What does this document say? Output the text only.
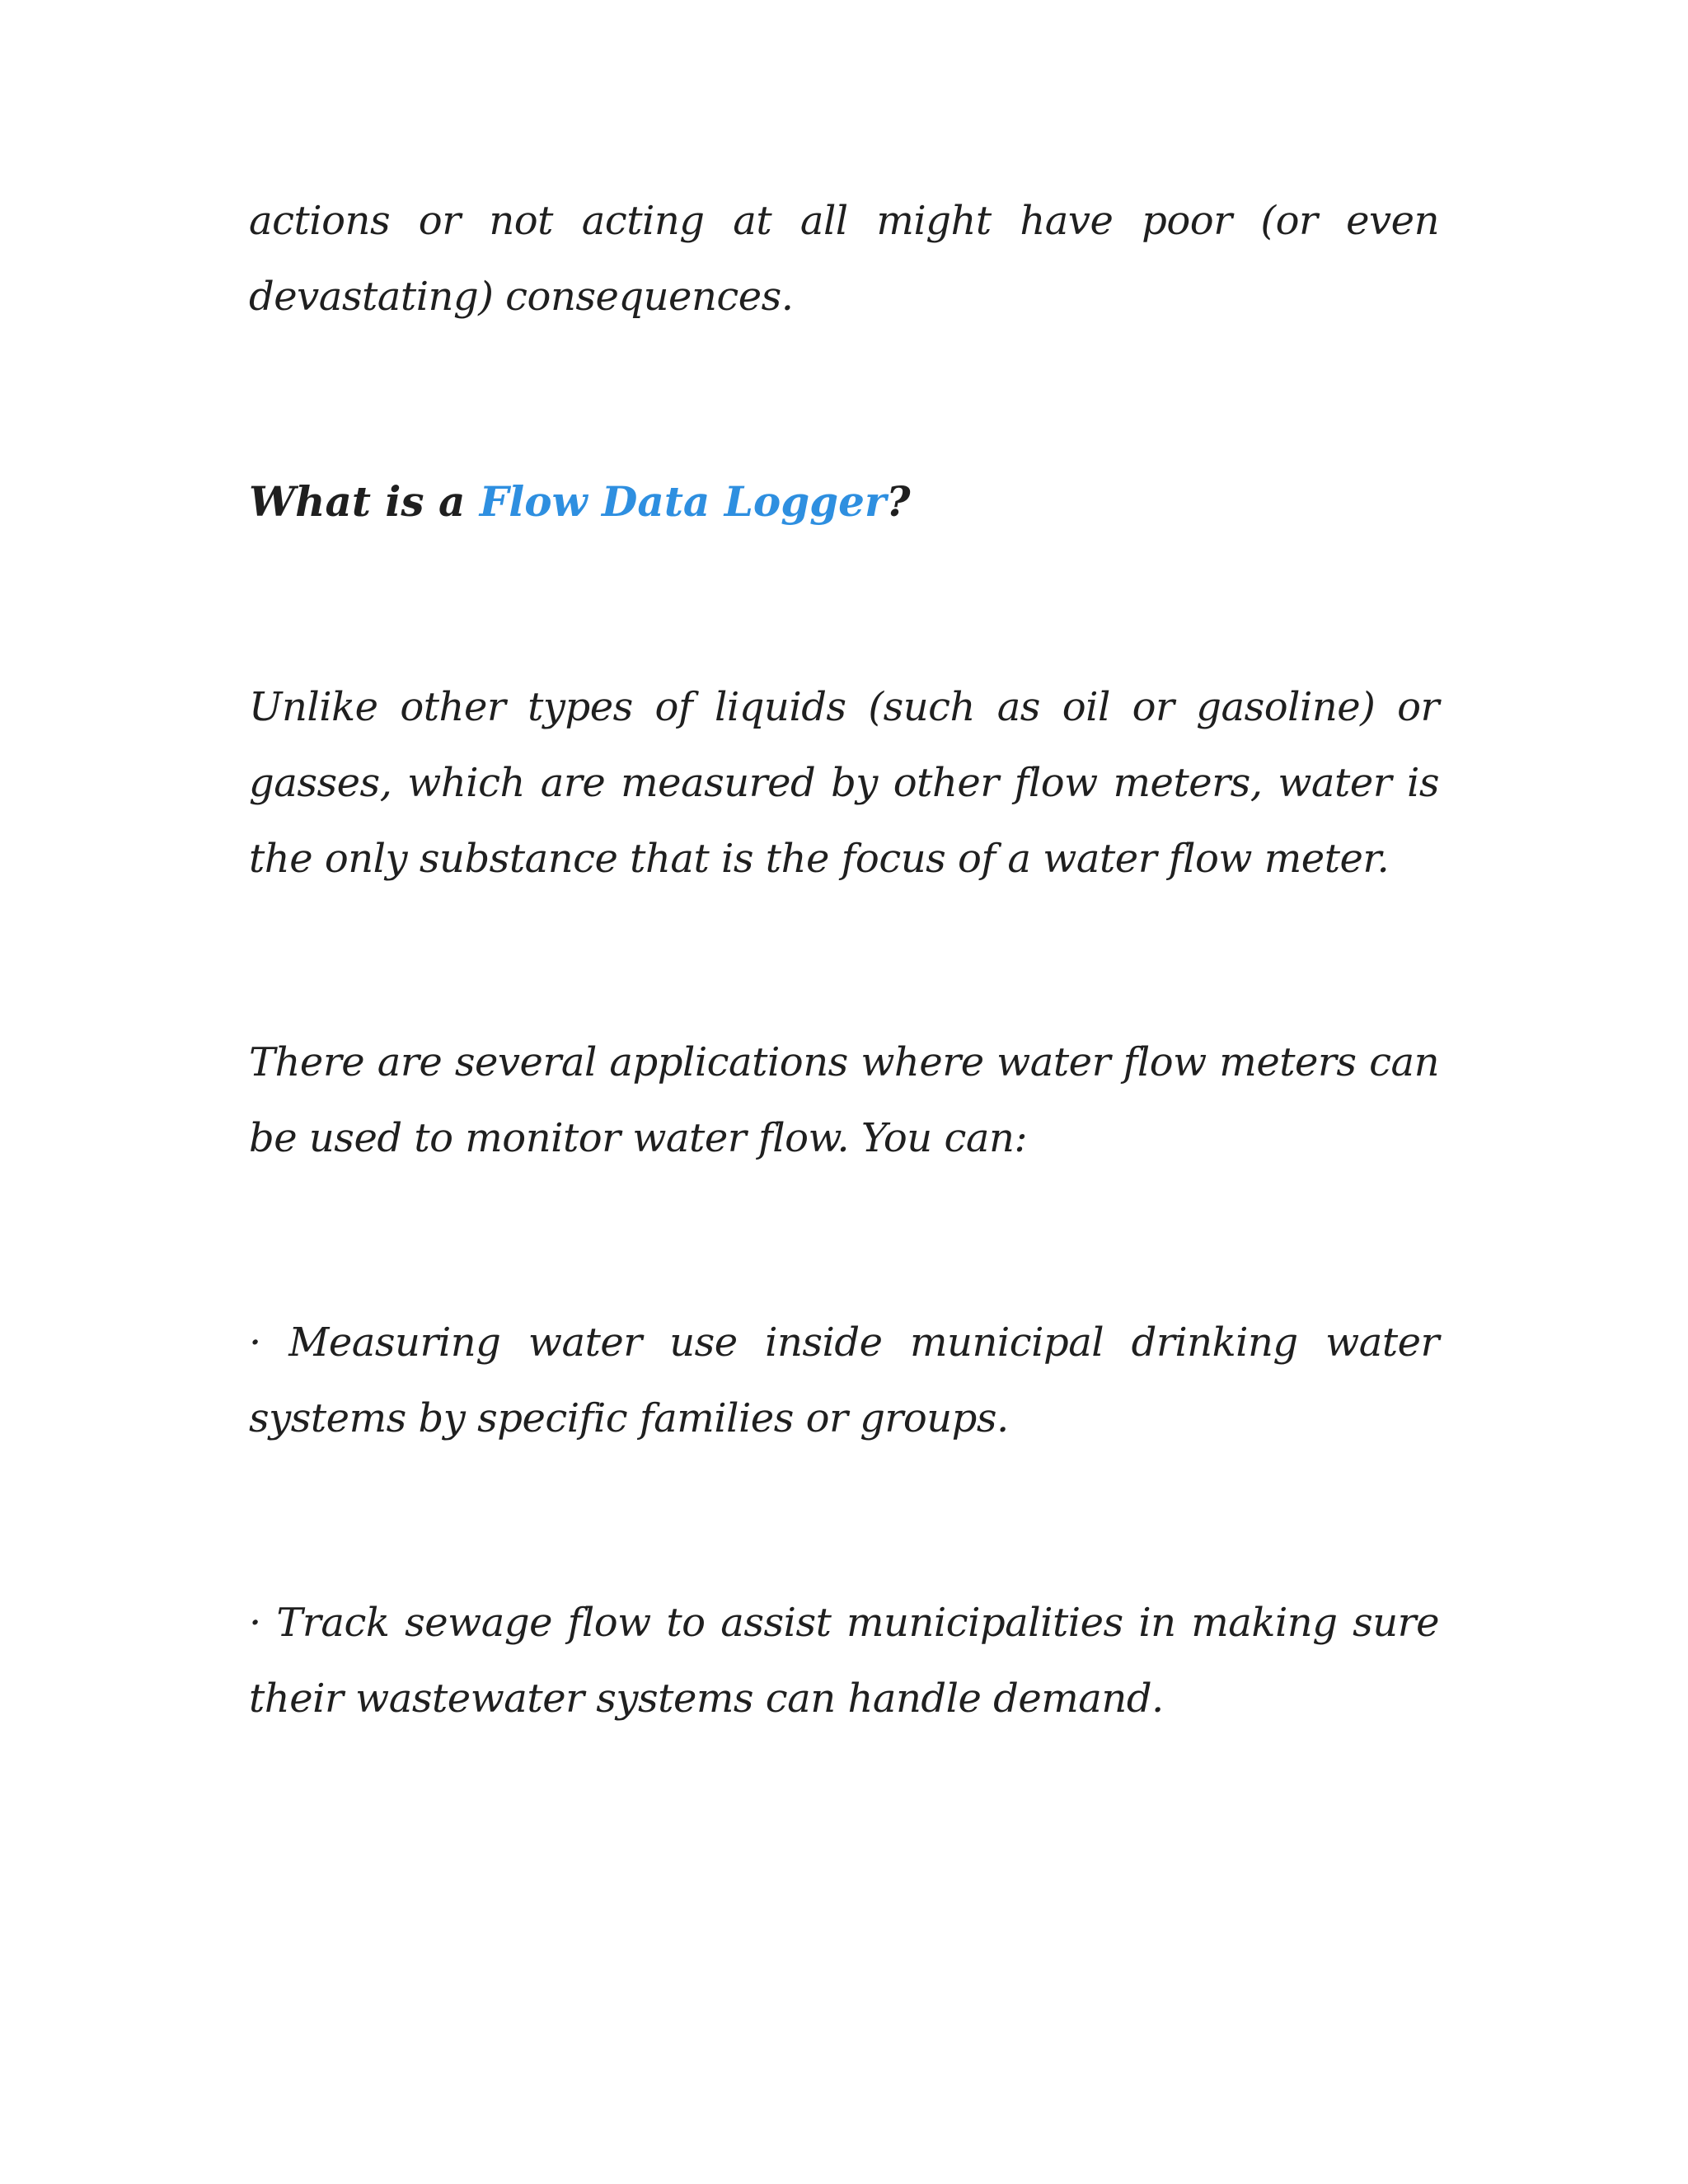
actions or not acting at all might have poor (or even devastating) consequences.

What is a Flow Data Logger?

Unlike other types of liquids (such as oil or gasoline) or gasses, which are measured by other flow meters, water is the only substance that is the focus of a water flow meter.

There are several applications where water flow meters can be used to monitor water flow. You can:

· Measuring water use inside municipal drinking water systems by specific families or groups.

· Track sewage flow to assist municipalities in making sure their wastewater systems can handle demand.
